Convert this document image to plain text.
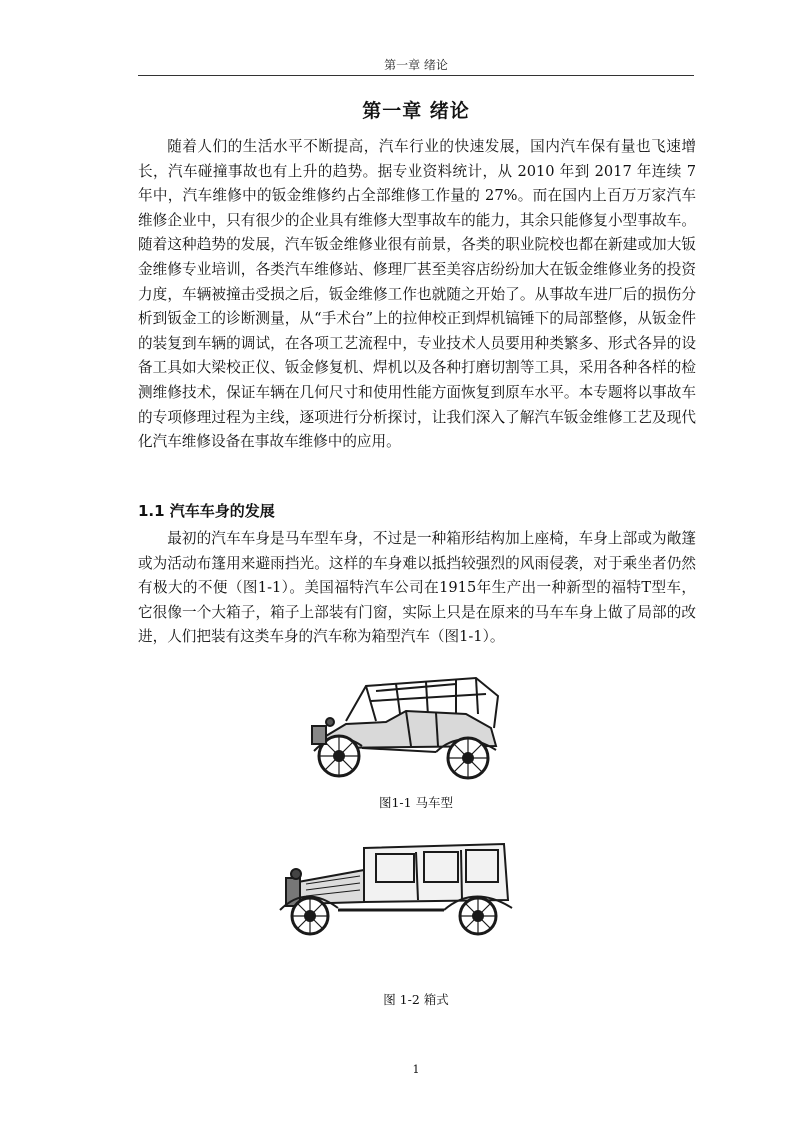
第一章 绪论
第一章 绪论

随着人们的生活水平不断提高，汽车行业的快速发展，国内汽车保有量也飞速增长，汽车碰撞事故也有上升的趋势。据专业资料统计，从 2010 年到 2017 年连续 7 年中，汽车维修中的钣金维修约占全部维修工作量的 27%。而在国内上百万万家汽车维修企业中，只有很少的企业具有维修大型事故车的能力，其余只能修复小型事故车。随着这种趋势的发展，汽车钣金维修业很有前景，各类的职业院校也都在新建或加大钣金维修专业培训，各类汽车维修站、修理厂甚至美容店纷纷加大在钣金维修业务的投资力度，车辆被撞击受损之后，钣金维修工作也就随之开始了。从事故车进厂后的损伤分析到钣金工的诊断测量，从“手术台”上的拉伸校正到焊机镐锤下的局部整修，从钣金件的装复到车辆的调试，在各项工艺流程中，专业技术人员要用种类繁多、形式各异的设备工具如大梁校正仪、钣金修复机、焊机以及各种打磨切割等工具，采用各种各样的检测维修技术，保证车辆在几何尺寸和使用性能方面恢复到原车水平。本专题将以事故车的专项修理过程为主线，逐项进行分析探讨，让我们深入了解汽车钣金维修工艺及现代化汽车维修设备在事故车维修中的应用。

1.1 汽车车身的发展

最初的汽车车身是马车型车身，不过是一种箱形结构加上座椅，车身上部或为敞篷或为活动布篷用来避雨挡光。这样的车身难以抵挡较强烈的风雨侵袭，对于乘坐者仍然有极大的不便（图1-1）。美国福特汽车公司在1915年生产出一种新型的福特T型车，它很像一个大箱子，箱子上部装有门窗，实际上只是在原来的马车车身上做了局部的改进，人们把装有这类车身的汽车称为箱型汽车（图1-1）。

图1-1 马车型
图 1-2 箱式
1
